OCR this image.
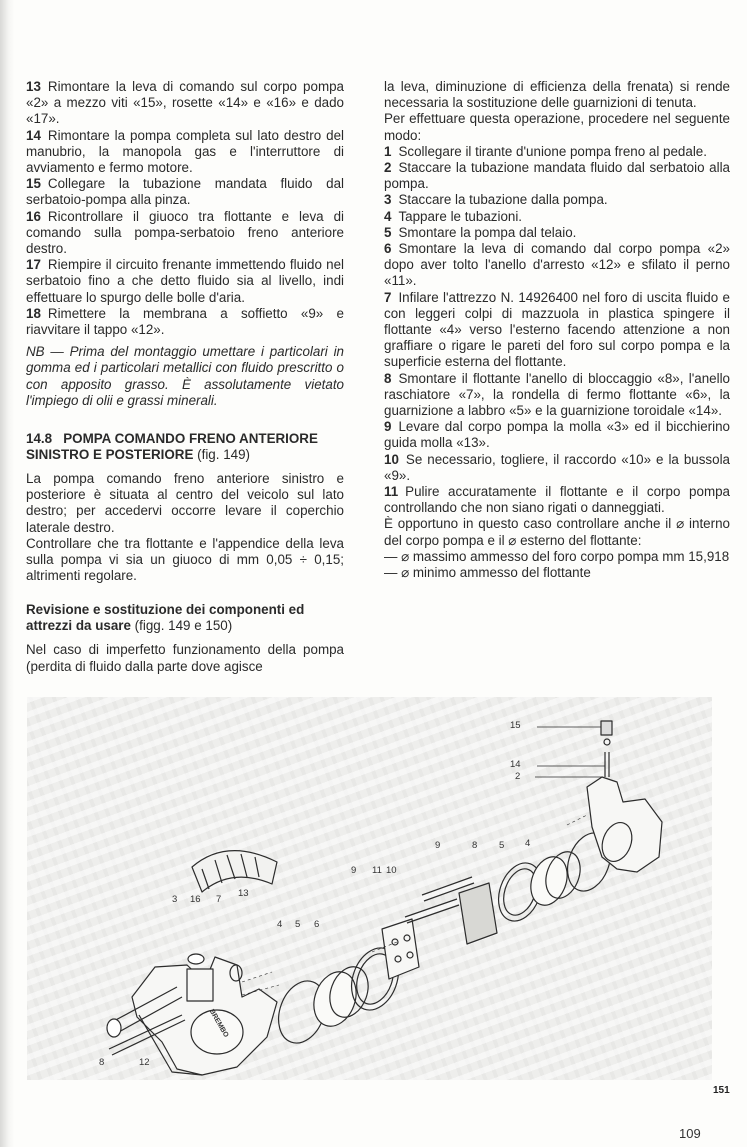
13 Rimontare la leva di comando sul corpo pompa «2» a mezzo viti «15», rosette «14» e «16» e dado «17».

14 Rimontare la pompa completa sul lato destro del manubrio, la manopola gas e l'interruttore di avviamento e fermo motore.

15 Collegare la tubazione mandata fluido dal serbatoio-pompa alla pinza.

16 Ricontrollare il giuoco tra flottante e leva di comando sulla pompa-serbatoio freno anteriore destro.

17 Riempire il circuito frenante immettendo fluido nel serbatoio fino a che detto fluido sia al livello, indi effettuare lo spurgo delle bolle d'aria.

18 Rimettere la membrana a soffietto «9» e riavvitare il tappo «12».

NB — Prima del montaggio umettare i particolari in gomma ed i particolari metallici con fluido prescritto o con apposito grasso. È assolutamente vietato l'impiego di olii e grassi minerali.

14.8 POMPA COMANDO FRENO ANTERIORE SINISTRO E POSTERIORE (fig. 149)

La pompa comando freno anteriore sinistro e posteriore è situata al centro del veicolo sul lato destro; per accedervi occorre levare il coperchio laterale destro.

Controllare che tra flottante e l'appendice della leva sulla pompa vi sia un giuoco di mm 0,05 ÷ 0,15; altrimenti regolare.

Revisione e sostituzione dei componenti ed attrezzi da usare (figg. 149 e 150)

Nel caso di imperfetto funzionamento della pompa (perdita di fluido dalla parte dove agisce

la leva, diminuzione di efficienza della frenata) si rende necessaria la sostituzione delle guarnizioni di tenuta.

Per effettuare questa operazione, procedere nel seguente modo:

1 Scollegare il tirante d'unione pompa freno al pedale.

2 Staccare la tubazione mandata fluido dal serbatoio alla pompa.

3 Staccare la tubazione dalla pompa.

4 Tappare le tubazioni.

5 Smontare la pompa dal telaio.

6 Smontare la leva di comando dal corpo pompa «2» dopo aver tolto l'anello d'arresto «12» e sfilato il perno «11».

7 Infilare l'attrezzo N. 14926400 nel foro di uscita fluido e con leggeri colpi di mazzuola in plastica spingere il flottante «4» verso l'esterno facendo attenzione a non graffiare o rigare le pareti del foro sul corpo pompa e la superficie esterna del flottante.

8 Smontare il flottante l'anello di bloccaggio «8», l'anello raschiatore «7», la rondella di fermo flottante «6», la guarnizione a labbro «5» e la guarnizione toroidale «14».

9 Levare dal corpo pompa la molla «3» ed il bicchierino guida molla «13».

10 Se necessario, togliere, il raccordo «10» e la bussola «9».

11 Pulire accuratamente il flottante e il corpo pompa controllando che non siano rigati o danneggiati.

È opportuno in questo caso controllare anche il ⌀ interno del corpo pompa e il ⌀ esterno del flottante:

— ⌀ massimo ammesso del foro corpo pompa mm 15,918

— ⌀ minimo ammesso del flottante

15
14
2
9	8 5 4
9 11 10
13
3 16 7
4 5 6
8	12
BREMBO
151
109
